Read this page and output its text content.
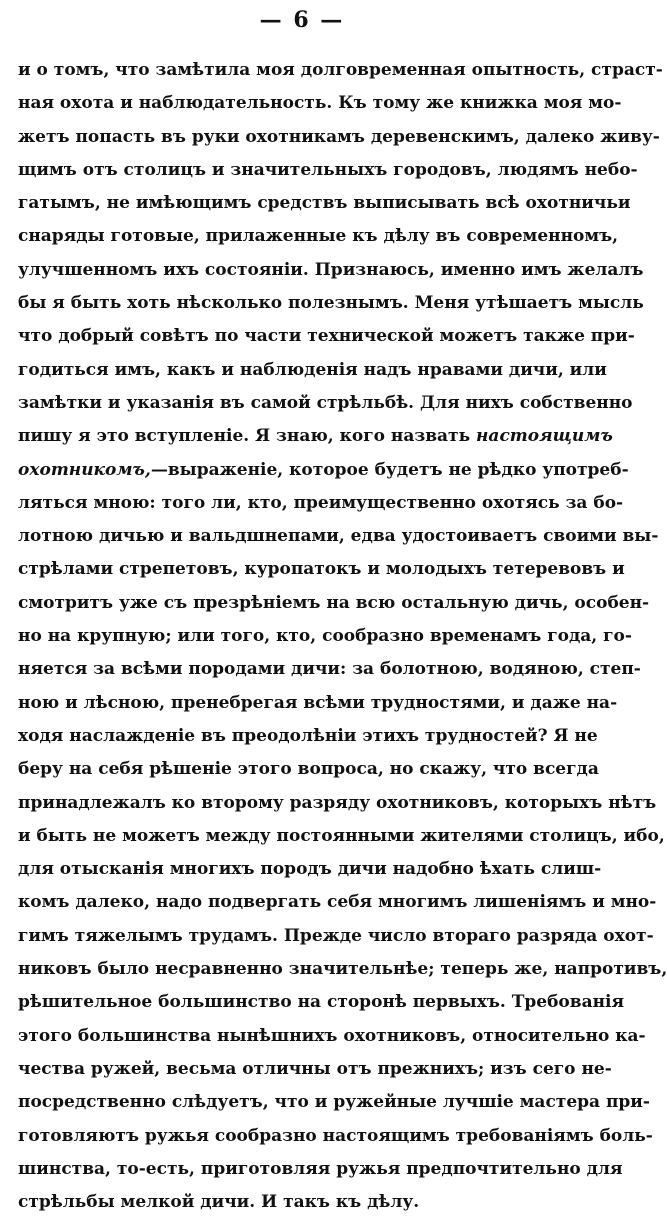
— 6 —
и о томъ, что замѣтила моя долговременная опытность, страст-
ная охота и наблюдательность. Къ тому же книжка моя мо-
жетъ попасть въ руки охотникамъ деревенскимъ, далеко живу-
щимъ отъ столицъ и значительныхъ городовъ, людямъ небо-
гатымъ, не имѣющимъ средствъ выписывать всѣ охотничьи
снаряды готовые, прилаженные къ дѣлу въ современномъ,
улучшенномъ ихъ состояніи. Признаюсь, именно имъ желалъ
бы я быть хоть нѣсколько полезнымъ. Меня утѣшаетъ мысль
что добрый совѣтъ по части технической можетъ также при-
годиться имъ, какъ и наблюденія надъ нравами дичи, или
замѣтки и указанія въ самой стрѣльбѣ. Для нихъ собственно
пишу я это вступленіе. Я знаю, кого назвать настоящимъ
охотникомъ,—выраженіе, которое будетъ не рѣдко употреб-
ляться мною: того ли, кто, преимущественно охотясь за бо-
лотною дичью и вальдшнепами, едва удостоиваетъ своими вы-
стрѣлами стрепетовъ, куропатокъ и молодыхъ тетеревовъ и
смотритъ уже съ презрѣніемъ на всю остальную дичь, особен-
но на крупную; или того, кто, сообразно временамъ года, го-
няется за всѣми породами дичи: за болотною, водяною, степ-
ною и лѣсною, пренебрегая всѣми трудностями, и даже на-
ходя наслажденіе въ преодолѣніи этихъ трудностей? Я не
беру на себя рѣшеніе этого вопроса, но скажу, что всегда
принадлежалъ ко второму разряду охотниковъ, которыхъ нѣтъ
и быть не можетъ между постоянными жителями столицъ, ибо,
для отысканія многихъ породъ дичи надобно ѣхать слиш-
комъ далеко, надо подвергать себя многимъ лишеніямъ и мно-
гимъ тяжелымъ трудамъ. Прежде число втораго разряда охот-
никовъ было несравненно значительнѣе; теперь же, напротивъ,
рѣшительное большинство на сторонѣ первыхъ. Требованія
этого большинства нынѣшнихъ охотниковъ, относительно ка-
чества ружей, весьма отличны отъ прежнихъ; изъ сего не-
посредственно слѣдуетъ, что и ружейные лучшіе мастера при-
готовляютъ ружья сообразно настоящимъ требованіямъ боль-
шинства, то-есть, приготовляя ружья предпочтительно для
стрѣльбы мелкой дичи. И такъ къ дѣлу.
